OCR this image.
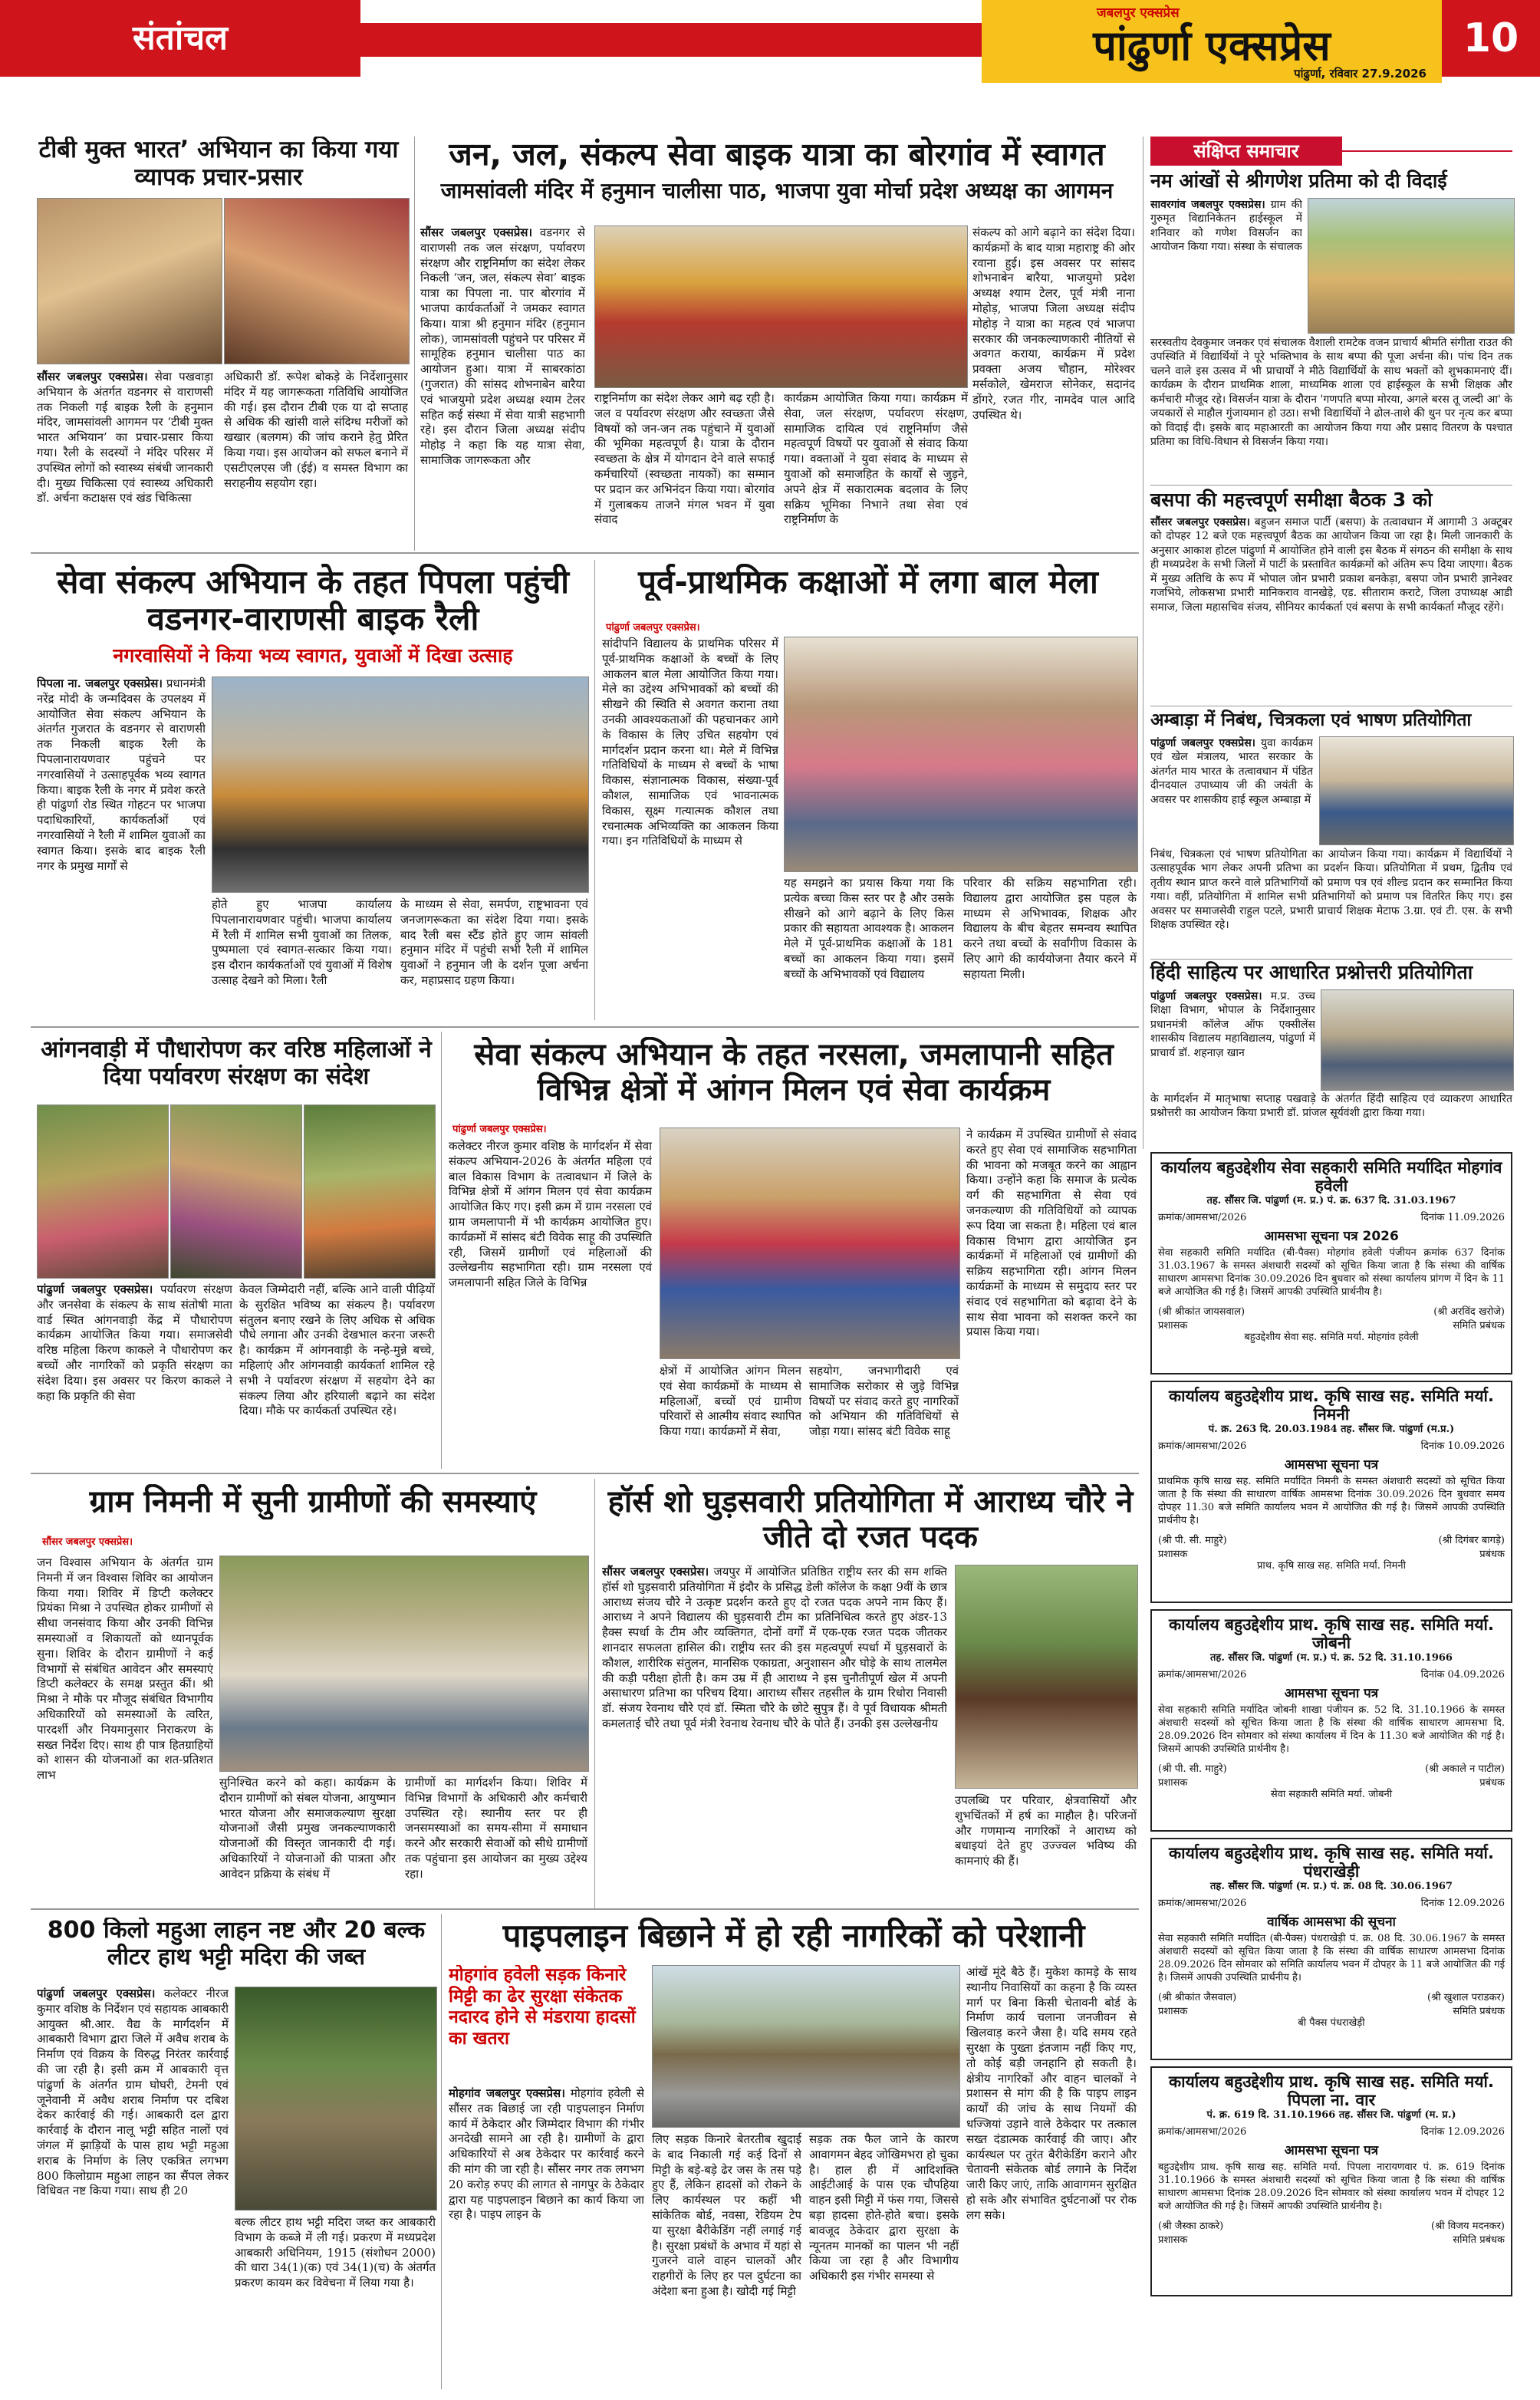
संतांचल
जबलपुर एक्सप्रेस
पांढुर्णा एक्सप्रेस
पांढुर्णा, रविवार 27.9.2026
10
टीबी मुक्त भारत’ अभियान का किया गया व्यापक प्रचार-प्रसार
सौंसर जबलपुर एक्सप्रेस। सेवा पखवाड़ा अभियान के अंतर्गत वडनगर से वाराणसी तक निकली गई बाइक रैली के हनुमान मंदिर, जामसांवली आगमन पर ‘टीबी मुक्त भारत अभियान’ का प्रचार-प्रसार किया गया। रैली के सदस्यों ने मंदिर परिसर में उपस्थित लोगों को स्वास्थ्य संबंधी जानकारी दी। मुख्य चिकित्सा एवं स्वास्थ्य अधिकारी डॉ. अर्चना कटाक्षस एवं खंड चिकित्सा
अधिकारी डॉ. रूपेश बोकड़े के निर्देशानुसार मंदिर में यह जागरूकता गतिविधि आयोजित की गई। इस दौरान टीबी एक या दो सप्ताह से अधिक की खांसी वाले संदिग्ध मरीजों को खखार (बलगम) की जांच कराने हेतु प्रेरित किया गया। इस आयोजन को सफल बनाने में एसटीएलएस जी (ईई) व समस्त विभाग का सराहनीय सहयोग रहा।
जन, जल, संकल्प सेवा बाइक यात्रा का बोरगांव में स्वागत
जामसांवली मंदिर में हनुमान चालीसा पाठ, भाजपा युवा मोर्चा प्रदेश अध्यक्ष का आगमन
सौंसर जबलपुर एक्सप्रेस। वडनगर से वाराणसी तक जल संरक्षण, पर्यावरण संरक्षण और राष्ट्रनिर्माण का संदेश लेकर निकली ‘जन, जल, संकल्प सेवा’ बाइक यात्रा का पिपला ना. पार बोरगांव में भाजपा कार्यकर्ताओं ने जमकर स्वागत किया। यात्रा श्री हनुमान मंदिर (हनुमान लोक), जामसांवली पहुंचने पर परिसर में सामूहिक हनुमान चालीसा पाठ का आयोजन हुआ। यात्रा में साबरकांठा (गुजरात) की सांसद शोभनाबेन बारैया एवं भाजयुमो प्रदेश अध्यक्ष श्याम टेलर सहित कई संस्था में सेवा यात्री सहभागी रहे। इस दौरान जिला अध्यक्ष संदीप मोहोड़ ने कहा कि यह यात्रा सेवा, सामाजिक जागरूकता और
राष्ट्रनिर्माण का संदेश लेकर आगे बढ़ रही है। जल व पर्यावरण संरक्षण और स्वच्छता जैसे विषयों को जन-जन तक पहुंचाने में युवाओं की भूमिका महत्वपूर्ण है। यात्रा के दौरान स्वच्छता के क्षेत्र में योगदान देने वाले सफाई कर्मचारियों (स्वच्छता नायकों) का सम्मान पर प्रदान कर अभिनंदन किया गया। बोरगांव में गुलाबकय ताजने मंगल भवन में युवा संवाद
कार्यक्रम आयोजित किया गया। कार्यक्रम में सेवा, जल संरक्षण, पर्यावरण संरक्षण, सामाजिक दायित्व एवं राष्ट्रनिर्माण जैसे महत्वपूर्ण विषयों पर युवाओं से संवाद किया गया। वक्ताओं ने युवा संवाद के माध्यम से युवाओं को समाजहित के कार्यों से जुड़ने, अपने क्षेत्र में सकारात्मक बदलाव के लिए सक्रिय भूमिका निभाने तथा सेवा एवं राष्ट्रनिर्माण के
संकल्प को आगे बढ़ाने का संदेश दिया। कार्यक्रमों के बाद यात्रा महाराष्ट्र की ओर रवाना हुई। इस अवसर पर सांसद शोभनाबेन बारैया, भाजयुमो प्रदेश अध्यक्ष श्याम टेलर, पूर्व मंत्री नाना मोहोड़, भाजपा जिला अध्यक्ष संदीप मोहोड़ ने यात्रा का महत्व एवं भाजपा सरकार की जनकल्याणकारी नीतियों से अवगत कराया, कार्यक्रम में प्रदेश प्रवक्ता अजय चौहान, मोरेश्वर मर्सकोले, खेमराज सोनेकर, सदानंद डोंगरे, रजत गीर, नामदेव पाल आदि उपस्थित थे।
संक्षिप्त समाचार
नम आंखों से श्रीगणेश प्रतिमा को दी विदाई
सावरगांव जबलपुर एक्सप्रेस। ग्राम की गुरुमृत विद्यानिकेतन हाईस्कूल में शनिवार को गणेश विसर्जन का आयोजन किया गया। संस्था के संचालक
सरस्वतीय देवकुमार जनकर एवं संचालक वैशाली रामटेक वजन प्राचार्य श्रीमति संगीता राउत की उपस्थिति में विद्यार्थियों ने पूरे भक्तिभाव के साथ बप्पा की पूजा अर्चना की। पांच दिन तक चलने वाले इस उत्सव में भी प्राचार्यों ने मीठे विद्यार्थियों के साथ भक्तों को शुभकामनाएं दीं। कार्यक्रम के दौरान प्राथमिक शाला, माध्यमिक शाला एवं हाईस्कूल के सभी शिक्षक और कर्मचारी मौजूद रहे। विसर्जन यात्रा के दौरान 'गणपति बप्पा मोरया, अगले बरस तू जल्दी आ' के जयकारों से माहौल गुंजायमान हो उठा। सभी विद्यार्थियों ने ढोल-ताशे की धुन पर नृत्य कर बप्पा को विदाई दी। इसके बाद महाआरती का आयोजन किया गया और प्रसाद वितरण के पश्चात प्रतिमा का विधि-विधान से विसर्जन किया गया।
बसपा की महत्त्वपूर्ण समीक्षा बैठक 3 को
सौंसर जबलपुर एक्सप्रेस। बहुजन समाज पार्टी (बसपा) के तत्वावधान में आगामी 3 अक्टूबर को दोपहर 12 बजे एक महत्त्वपूर्ण बैठक का आयोजन किया जा रहा है। मिली जानकारी के अनुसार आकाश होटल पांढुर्णा में आयोजित होने वाली इस बैठक में संगठन की समीक्षा के साथ ही मध्यप्रदेश के सभी जिलों में पार्टी के प्रस्तावित कार्यक्रमों को अंतिम रूप दिया जाएगा। बैठक में मुख्य अतिथि के रूप में भोपाल जोन प्रभारी प्रकाश बनकेड़ा, बसपा जोन प्रभारी ज्ञानेश्वर गजभिये, लोकसभा प्रभारी मानिकराव वानखेड़े, एड. सीताराम कराटे, जिला उपाध्यक्ष आडी समाज, जिला महासचिव संजय, सीनियर कार्यकर्ता एवं बसपा के सभी कार्यकर्ता मौजूद रहेंगे।
अम्बाड़ा में निबंध, चित्रकला एवं भाषण प्रतियोगिता
पांढुर्णा जबलपुर एक्सप्रेस। युवा कार्यक्रम एवं खेल मंत्रालय, भारत सरकार के अंतर्गत माय भारत के तत्वावधान में पंडित दीनदयाल उपाध्याय जी की जयंती के अवसर पर शासकीय हाई स्कूल अम्बाड़ा में
निबंध, चित्रकला एवं भाषण प्रतियोगिता का आयोजन किया गया। कार्यक्रम में विद्यार्थियों ने उत्साहपूर्वक भाग लेकर अपनी प्रतिभा का प्रदर्शन किया। प्रतियोगिता में प्रथम, द्वितीय एवं तृतीय स्थान प्राप्त करने वाले प्रतिभागियों को प्रमाण पत्र एवं शील्ड प्रदान कर सम्मानित किया गया। वहीं, प्रतियोगिता में शामिल सभी प्रतिभागियों को प्रमाण पत्र वितरित किए गए। इस अवसर पर समाजसेवी राहुल पटले, प्रभारी प्राचार्य शिक्षक मेटाफ 3.ग्रा. एवं टी. एस. के सभी शिक्षक उपस्थित रहे।
हिंदी साहित्य पर आधारित प्रश्नोत्तरी प्रतियोगिता
पांढुर्णा जबलपुर एक्सप्रेस। म.प्र. उच्च शिक्षा विभाग, भोपाल के निर्देशानुसार प्रधानमंत्री कॉलेज ऑफ एक्सीलेंस शासकीय विद्यालय महाविद्यालय, पांढुर्णा में प्राचार्य डॉ. शहनाज़ खान
के मार्गदर्शन में मातृभाषा सप्ताह पखवाड़े के अंतर्गत हिंदी साहित्य एवं व्याकरण आधारित प्रश्नोत्तरी का आयोजन किया प्रभारी डॉ. प्रांजल सूर्यवंशी द्वारा किया गया।
कार्यालय बहुउद्देशीय सेवा सहकारी समिति मर्यादित मोहगांव हवेली
तह. सौंसर जि. पांढुर्णा (म. प्र.) पं. क्र. 637 दि. 31.03.1967
क्रमांक/आमसभा/2026	दिनांक 11.09.2026
आमसभा सूचना पत्र 2026
सेवा सहकारी समिति मर्यादित (बी-पैक्स) मोहगांव हवेली पंजीयन क्रमांक 637 दिनांक 31.03.1967 के समस्त अंशधारी सदस्यों को सूचित किया जाता है कि संस्था की वार्षिक साधारण आमसभा दिनांक 30.09.2026 दिन बुधवार को संस्था कार्यालय प्रांगण में दिन के 11 बजे आयोजित की गई है। जिसमें आपकी उपस्थिति प्रार्थनीय है।
(श्री श्रीकांत जायसवाल)	(श्री अरविंद खरोजे)
प्रशासक	समिति प्रबंधक
बहुउद्देशीय सेवा सह. समिति मर्या. मोहगांव हवेली
कार्यालय बहुउद्देशीय प्राथ. कृषि साख सह. समिति मर्या. निमनी
पं. क्र. 263 दि. 20.03.1984 तह. सौंसर जि. पांढुर्णा (म.प्र.)
क्रमांक/आमसभा/2026	दिनांक 10.09.2026
आमसभा सूचना पत्र
प्राथमिक कृषि साख सह. समिति मर्यादित निमनी के समस्त अंशधारी सदस्यों को सूचित किया जाता है कि संस्था की साधारण वार्षिक आमसभा दिनांक 30.09.2026 दिन बुधवार समय दोपहर 11.30 बजे समिति कार्यालय भवन में आयोजित की गई है। जिसमें आपकी उपस्थिति प्रार्थनीय है।
(श्री पी. सी. माहुरे)	(श्री दिगंबर बागड़े)
प्रशासक	प्रबंधक
प्राथ. कृषि साख सह. समिति मर्या. निमनी
कार्यालय बहुउद्देशीय प्राथ. कृषि साख सह. समिति मर्या. जोबनी
तह. सौंसर जि. पांढुर्णा (म. प्र.) पं. क्र. 52 दि. 31.10.1966
क्रमांक/आमसभा/2026	दिनांक 04.09.2026
आमसभा सूचना पत्र
सेवा सहकारी समिति मर्यादित जोबनी शाखा पंजीयन क्र. 52 दि. 31.10.1966 के समस्त अंशधारी सदस्यों को सूचित किया जाता है कि संस्था की वार्षिक साधारण आमसभा दि. 28.09.2026 दिन सोमवार को संस्था कार्यालय में दिन के 11.30 बजे आयोजित की गई है। जिसमें आपकी उपस्थिति प्रार्थनीय है।
(श्री पी. सी. माहुरे)	(श्री अकाले न पाटील)
प्रशासक	प्रबंधक
सेवा सहकारी समिति मर्या. जोबनी
कार्यालय बहुउद्देशीय प्राथ. कृषि साख सह. समिति मर्या. पंधराखेड़ी
तह. सौंसर जि. पांढुर्णा (म. प्र.) पं. क्र. 08 दि. 30.06.1967
क्रमांक/आमसभा/2026	दिनांक 12.09.2026
वार्षिक आमसभा की सूचना
सेवा सहकारी समिति मर्यादित (बी-पैक्स) पंधराखेड़ी पं. क्र. 08 दि. 30.06.1967 के समस्त अंशधारी सदस्यों को सूचित किया जाता है कि संस्था की वार्षिक साधारण आमसभा दिनांक 28.09.2026 दिन सोमवार को समिति कार्यालय भवन में दोपहर के 11 बजे आयोजित की गई है। जिसमें आपकी उपस्थिति प्रार्थनीय है।
(श्री श्रीकांत जैसवाल)	(श्री खुशाल पराडकर)
प्रशासक	समिति प्रबंधक
बी पैक्स पंधराखेड़ी
कार्यालय बहुउद्देशीय प्राथ. कृषि साख सह. समिति मर्या. पिपला ना. वार
पं. क्र. 619 दि. 31.10.1966 तह. सौंसर जि. पांढुर्णा (म. प्र.)
क्रमांक/आमसभा/2026	दिनांक 12.09.2026
आमसभा सूचना पत्र
बहुउद्देशीय प्राथ. कृषि साख सह. समिति मर्या. पिपला नारायणवार पं. क्र. 619 दिनांक 31.10.1966 के समस्त अंशधारी सदस्यों को सूचित किया जाता है कि संस्था की वार्षिक साधारण आमसभा दिनांक 28.09.2026 दिन सोमवार को संस्था कार्यालय भवन में दोपहर 12 बजे आयोजित की गई है। जिसमें आपकी उपस्थिति प्रार्थनीय है।
(श्री जैस्का ठाकरे)	(श्री विजय मदनकर)
प्रशासक	समिति प्रबंधक
सेवा संकल्प अभियान के तहत पिपला पहुंची वडनगर-वाराणसी बाइक रैली
नगरवासियों ने किया भव्य स्वागत, युवाओं में दिखा उत्साह
पिपला ना. जबलपुर एक्सप्रेस। प्रधानमंत्री नरेंद्र मोदी के जन्मदिवस के उपलक्ष्य में आयोजित सेवा संकल्प अभियान के अंतर्गत गुजरात के वडनगर से वाराणसी तक निकली बाइक रैली के पिपलानारायणवार पहुंचने पर नगरवासियों ने उत्साहपूर्वक भव्य स्वागत किया। बाइक रैली के नगर में प्रवेश करते ही पांढुर्णा रोड स्थित गोहटन पर भाजपा पदाधिकारियों, कार्यकर्ताओं एवं नगरवासियों ने रैली में शामिल युवाओं का स्वागत किया। इसके बाद बाइक रैली नगर के प्रमुख मार्गों से
होते हुए भाजपा कार्यालय पिपलानारायणवार पहुंची। भाजपा कार्यालय में रैली में शामिल सभी युवाओं का तिलक, पुष्पमाला एवं स्वागत-सत्कार किया गया। इस दौरान कार्यकर्ताओं एवं युवाओं में विशेष उत्साह देखने को मिला। रैली
के माध्यम से सेवा, समर्पण, राष्ट्रभावना एवं जनजागरूकता का संदेश दिया गया। इसके बाद रैली बस स्टैंड होते हुए जाम सांवली हनुमान मंदिर में पहुंची सभी रैली में शामिल युवाओं ने हनुमान जी के दर्शन पूजा अर्चना कर, महाप्रसाद ग्रहण किया।
पूर्व-प्राथमिक कक्षाओं में लगा बाल मेला
पांढुर्णा जबलपुर एक्सप्रेस।
सांदीपनि विद्यालय के प्राथमिक परिसर में पूर्व-प्राथमिक कक्षाओं के बच्चों के लिए आकलन बाल मेला आयोजित किया गया। मेले का उद्देश्य अभिभावकों को बच्चों की सीखने की स्थिति से अवगत कराना तथा उनकी आवश्यकताओं की पहचानकर आगे के विकास के लिए उचित सहयोग एवं मार्गदर्शन प्रदान करना था। मेले में विभिन्न गतिविधियों के माध्यम से बच्चों के भाषा विकास, संज्ञानात्मक विकास, संख्या-पूर्व कौशल, सामाजिक एवं भावनात्मक विकास, सूक्ष्म गत्यात्मक कौशल तथा रचनात्मक अभिव्यक्ति का आकलन किया गया। इन गतिविधियों के माध्यम से
यह समझने का प्रयास किया गया कि प्रत्येक बच्चा किस स्तर पर है और उसके सीखने को आगे बढ़ाने के लिए किस प्रकार की सहायता आवश्यक है। आकलन मेले में पूर्व-प्राथमिक कक्षाओं के 181 बच्चों का आकलन किया गया। इसमें बच्चों के अभिभावकों एवं विद्यालय
परिवार की सक्रिय सहभागिता रही। विद्यालय द्वारा आयोजित इस पहल के माध्यम से अभिभावक, शिक्षक और विद्यालय के बीच बेहतर समन्वय स्थापित करने तथा बच्चों के सर्वांगीण विकास के लिए आगे की कार्ययोजना तैयार करने में सहायता मिली।
आंगनवाड़ी में पौधारोपण कर वरिष्ठ महिलाओं ने दिया पर्यावरण संरक्षण का संदेश
पांढुर्णा जबलपुर एक्सप्रेस। पर्यावरण संरक्षण और जनसेवा के संकल्प के साथ संतोषी माता वार्ड स्थित आंगनवाड़ी केंद्र में पौधारोपण कार्यक्रम आयोजित किया गया। समाजसेवी वरिष्ठ महिला किरण काकले ने पौधारोपण कर बच्चों और नागरिकों को प्रकृति संरक्षण का संदेश दिया। इस अवसर पर किरण काकले ने कहा कि प्रकृति की सेवा
केवल जिम्मेदारी नहीं, बल्कि आने वाली पीढ़ियों के सुरक्षित भविष्य का संकल्प है। पर्यावरण संतुलन बनाए रखने के लिए अधिक से अधिक पौधे लगाना और उनकी देखभाल करना जरूरी है। कार्यक्रम में आंगनवाड़ी के नन्हे-मुन्ने बच्चे, महिलाएं और आंगनवाड़ी कार्यकर्ता शामिल रहे सभी ने पर्यावरण संरक्षण में सहयोग देने का संकल्प लिया और हरियाली बढ़ाने का संदेश दिया। मौके पर कार्यकर्ता उपस्थित रहे।
सेवा संकल्प अभियान के तहत नरसला, जमलापानी सहित विभिन्न क्षेत्रों में आंगन मिलन एवं सेवा कार्यक्रम
पांढुर्णा जबलपुर एक्सप्रेस।
कलेक्टर नीरज कुमार वशिष्ठ के मार्गदर्शन में सेवा संकल्प अभियान-2026 के अंतर्गत महिला एवं बाल विकास विभाग के तत्वावधान में जिले के विभिन्न क्षेत्रों में आंगन मिलन एवं सेवा कार्यक्रम आयोजित किए गए। इसी क्रम में ग्राम नरसला एवं ग्राम जमलापानी में भी कार्यक्रम आयोजित हुए। कार्यक्रमों में सांसद बंटी विवेक साहू की उपस्थिति रही, जिसमें ग्रामीणों एवं महिलाओं की उल्लेखनीय सहभागिता रही। ग्राम नरसला एवं जमलापानी सहित जिले के विभिन्न
क्षेत्रों में आयोजित आंगन मिलन एवं सेवा कार्यक्रमों के माध्यम से महिलाओं, बच्चों एवं ग्रामीण परिवारों से आत्मीय संवाद स्थापित किया गया। कार्यक्रमों में सेवा,
सहयोग, जनभागीदारी एवं सामाजिक सरोकार से जुड़े विभिन्न विषयों पर संवाद करते हुए नागरिकों को अभियान की गतिविधियों से जोड़ा गया। सांसद बंटी विवेक साहू
ने कार्यक्रम में उपस्थित ग्रामीणों से संवाद करते हुए सेवा एवं सामाजिक सहभागिता की भावना को मजबूत करने का आह्वान किया। उन्होंने कहा कि समाज के प्रत्येक वर्ग की सहभागिता से सेवा एवं जनकल्याण की गतिविधियों को व्यापक रूप दिया जा सकता है। महिला एवं बाल विकास विभाग द्वारा आयोजित इन कार्यक्रमों में महिलाओं एवं ग्रामीणों की सक्रिय सहभागिता रही। आंगन मिलन कार्यक्रमों के माध्यम से समुदाय स्तर पर संवाद एवं सहभागिता को बढ़ावा देने के साथ सेवा भावना को सशक्त करने का प्रयास किया गया।
ग्राम निमनी में सुनी ग्रामीणों की समस्याएं
सौंसर जबलपुर एक्सप्रेस।
जन विश्वास अभियान के अंतर्गत ग्राम निमनी में जन विश्वास शिविर का आयोजन किया गया। शिविर में डिप्टी कलेक्टर प्रियंका मिश्रा ने उपस्थित होकर ग्रामीणों से सीधा जनसंवाद किया और उनकी विभिन्न समस्याओं व शिकायतों को ध्यानपूर्वक सुना। शिविर के दौरान ग्रामीणों ने कई विभागों से संबंधित आवेदन और समस्याएं डिप्टी कलेक्टर के समक्ष प्रस्तुत कीं। श्री मिश्रा ने मौके पर मौजूद संबंधित विभागीय अधिकारियों को समस्याओं के त्वरित, पारदर्शी और नियमानुसार निराकरण के सख्त निर्देश दिए। साथ ही पात्र हितग्राहियों को शासन की योजनाओं का शत-प्रतिशत लाभ
सुनिश्चित करने को कहा। कार्यक्रम के दौरान ग्रामीणों को संबल योजना, आयुष्मान भारत योजना और समाजकल्याण सुरक्षा योजनाओं जैसी प्रमुख जनकल्याणकारी योजनाओं की विस्तृत जानकारी दी गई। अधिकारियों ने योजनाओं की पात्रता और आवेदन प्रक्रिया के संबंध में
ग्रामीणों का मार्गदर्शन किया। शिविर में विभिन्न विभागों के अधिकारी और कर्मचारी उपस्थित रहे। स्थानीय स्तर पर ही जनसमस्याओं का समय-सीमा में समाधान करने और सरकारी सेवाओं को सीधे ग्रामीणों तक पहुंचाना इस आयोजन का मुख्य उद्देश्य रहा।
हॉर्स शो घुड़सवारी प्रतियोगिता में आराध्य चौरे ने जीते दो रजत पदक
सौंसर जबलपुर एक्सप्रेस। जयपुर में आयोजित प्रतिष्ठित राष्ट्रीय स्तर की सम शक्ति हॉर्स शो घुड़सवारी प्रतियोगिता में इंदौर के प्रसिद्ध डेली कॉलेज के कक्षा 9वीं के छात्र आराध्य संजय चौरे ने उत्कृष्ट प्रदर्शन करते हुए दो रजत पदक अपने नाम किए हैं। आराध्य ने अपने विद्यालय की घुड़सवारी टीम का प्रतिनिधित्व करते हुए अंडर-13 हैक्स स्पर्धा के टीम और व्यक्तिगत, दोनों वर्गों में एक-एक रजत पदक जीतकर शानदार सफलता हासिल की। राष्ट्रीय स्तर की इस महत्वपूर्ण स्पर्धा में घुड़सवारों के कौशल, शारीरिक संतुलन, मानसिक एकाग्रता, अनुशासन और घोड़े के साथ तालमेल की कड़ी परीक्षा होती है। कम उम्र में ही आराध्य ने इस चुनौतीपूर्ण खेल में अपनी असाधारण प्रतिभा का परिचय दिया। आराध्य सौंसर तहसील के ग्राम रिधोरा निवासी डॉ. संजय रेवनाथ चौरे एवं डॉ. स्मिता चौरे के छोटे सुपुत्र हैं। वे पूर्व विधायक श्रीमती कमलताई चौरे तथा पूर्व मंत्री रेवनाथ रेवनाथ चौरे के पोते हैं। उनकी इस उल्लेखनीय
उपलब्धि पर परिवार, क्षेत्रवासियों और शुभचिंतकों में हर्ष का माहौल है। परिजनों और गणमान्य नागरिकों ने आराध्य को बधाइयां देते हुए उज्ज्वल भविष्य की कामनाएं की हैं।
800 किलो महुआ लाहन नष्ट और 20 बल्क लीटर हाथ भट्टी मदिरा की जब्त
पांढुर्णा जबलपुर एक्सप्रेस। कलेक्टर नीरज कुमार वशिष्ठ के निर्देशन एवं सहायक आबकारी आयुक्त श्री.आर. वैद्य के मार्गदर्शन में आबकारी विभाग द्वारा जिले में अवैध शराब के निर्माण एवं विक्रय के विरुद्ध निरंतर कार्रवाई की जा रही है। इसी क्रम में आबकारी वृत्त पांढुर्णा के अंतर्गत ग्राम घोघरी, टेमनी एवं जूनेवानी में अवैध शराब निर्माण पर दबिश देकर कार्रवाई की गई। आबकारी दल द्वारा कार्रवाई के दौरान नालू भट्टी सहित नालों एवं जंगल में झाड़ियों के पास हाथ भट्टी महुआ शराब के निर्माण के लिए एकत्रित लगभग 800 किलोग्राम महुआ लाहन का सैंपल लेकर विधिवत नष्ट किया गया। साथ ही 20
बल्क लीटर हाथ भट्टी मदिरा जब्त कर आबकारी विभाग के कब्जे में ली गई। प्रकरण में मध्यप्रदेश आबकारी अधिनियम, 1915 (संशोधन 2000) की धारा 34(1)(क) एवं 34(1)(च) के अंतर्गत प्रकरण कायम कर विवेचना में लिया गया है।
पाइपलाइन बिछाने में हो रही नागरिकों को परेशानी
मोहगांव हवेली सड़क किनारे मिट्टी का ढेर सुरक्षा संकेतक नदारद होने से मंडराया हादसों का खतरा
मोहगांव जबलपुर एक्सप्रेस। मोहगांव हवेली से सौंसर तक बिछाई जा रही पाइपलाइन निर्माण कार्य में ठेकेदार और जिम्मेदार विभाग की गंभीर अनदेखी सामने आ रही है। ग्रामीणों के द्वारा अधिकारियों से अब ठेकेदार पर कार्रवाई करने की मांग की जा रही है। सौंसर नगर तक लगभग 20 करोड़ रुपए की लागत से नागपुर के ठेकेदार द्वारा यह पाइपलाइन बिछाने का कार्य किया जा रहा है। पाइप लाइन के
लिए सड़क किनारे बेतरतीब खुदाई के बाद निकाली गई कई दिनों से मिट्टी के बड़े-बड़े ढेर जस के तस पड़े हुए हैं, लेकिन हादसों को रोकने के लिए कार्यस्थल पर कहीं भी सांकेतिक बोर्ड, नवसा, रेडियम टेप या सुरक्षा बैरीकेडिंग नहीं लगाई गई है। सुरक्षा प्रबंधों के अभाव में यहां से गुजरने वाले वाहन चालकों और राहगीरों के लिए हर पल दुर्घटना का अंदेशा बना हुआ है। खोदी गई मिट्टी
सड़क तक फैल जाने के कारण आवागमन बेहद जोखिमभरा हो चुका है। हाल ही में आदिशक्ति आईटीआई के पास एक चौपहिया वाहन इसी मिट्टी में फंस गया, जिससे बड़ा हादसा होते-होते बचा। इसके बावजूद ठेकेदार द्वारा सुरक्षा के न्यूनतम मानकों का पालन भी नहीं किया जा रहा है और विभागीय अधिकारी इस गंभीर समस्या से
आंखें मूंदे बैठे हैं। मुकेश कामड़े के साथ स्थानीय निवासियों का कहना है कि व्यस्त मार्ग पर बिना किसी चेतावनी बोर्ड के निर्माण कार्य चलाना जनजीवन से खिलवाड़ करने जैसा है। यदि समय रहते सुरक्षा के पुख्ता इंतजाम नहीं किए गए, तो कोई बड़ी जनहानि हो सकती है। क्षेत्रीय नागरिकों और वाहन चालकों ने प्रशासन से मांग की है कि पाइप लाइन कार्यों की जांच के साथ नियमों की धज्जियां उड़ाने वाले ठेकेदार पर तत्काल सख्त दंडात्मक कार्रवाई की जाए। और कार्यस्थल पर तुरंत बैरीकेडिंग कराने और चेतावनी संकेतक बोर्ड लगाने के निर्देश जारी किए जाएं, ताकि आवागमन सुरक्षित हो सके और संभावित दुर्घटनाओं पर रोक लग सके।
